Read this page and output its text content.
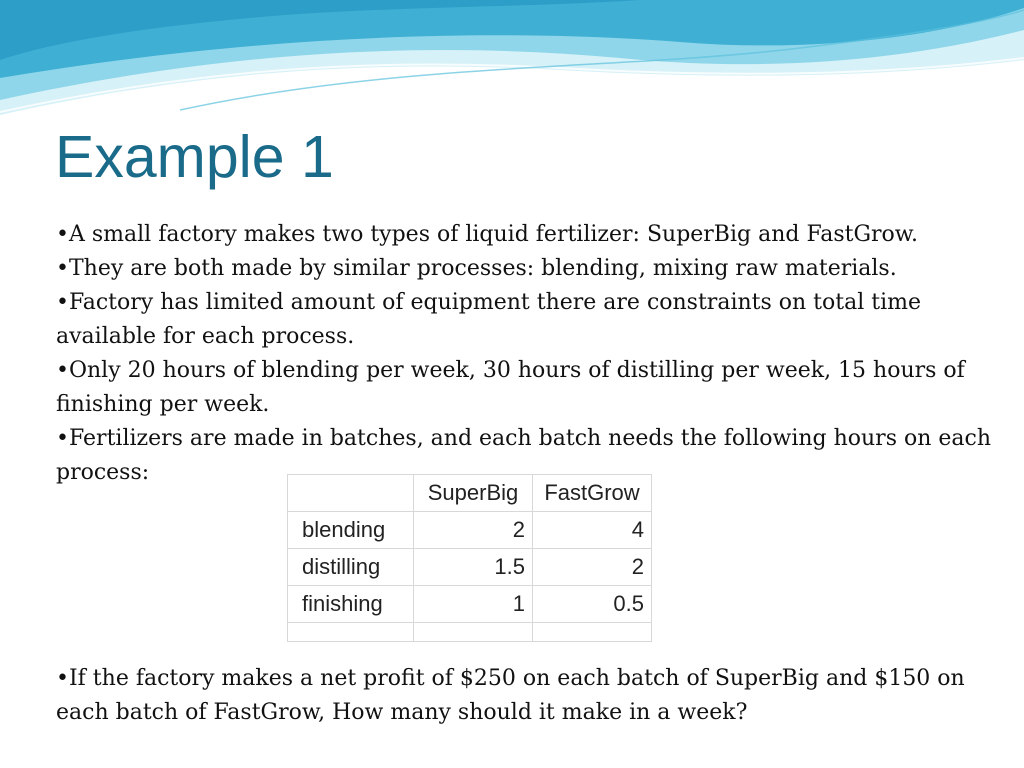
Example 1

•A small factory makes two types of liquid fertilizer: SuperBig and FastGrow.

•They are both made by similar processes: blending, mixing raw materials.

•Factory has limited amount of equipment there are constraints on total time available for each process.

•Only 20 hours of blending per week, 30 hours of distilling per week, 15 hours of finishing per week.

•Fertilizers are made in batches, and each batch needs the following hours on each process:

•If the factory makes a net profit of $250 on each batch of SuperBig and $150 on each batch of FastGrow, How many should it make in a week?

	SuperBig	FastGrow
blending	2	4
distilling	1.5	2
finishing	1	0.5
